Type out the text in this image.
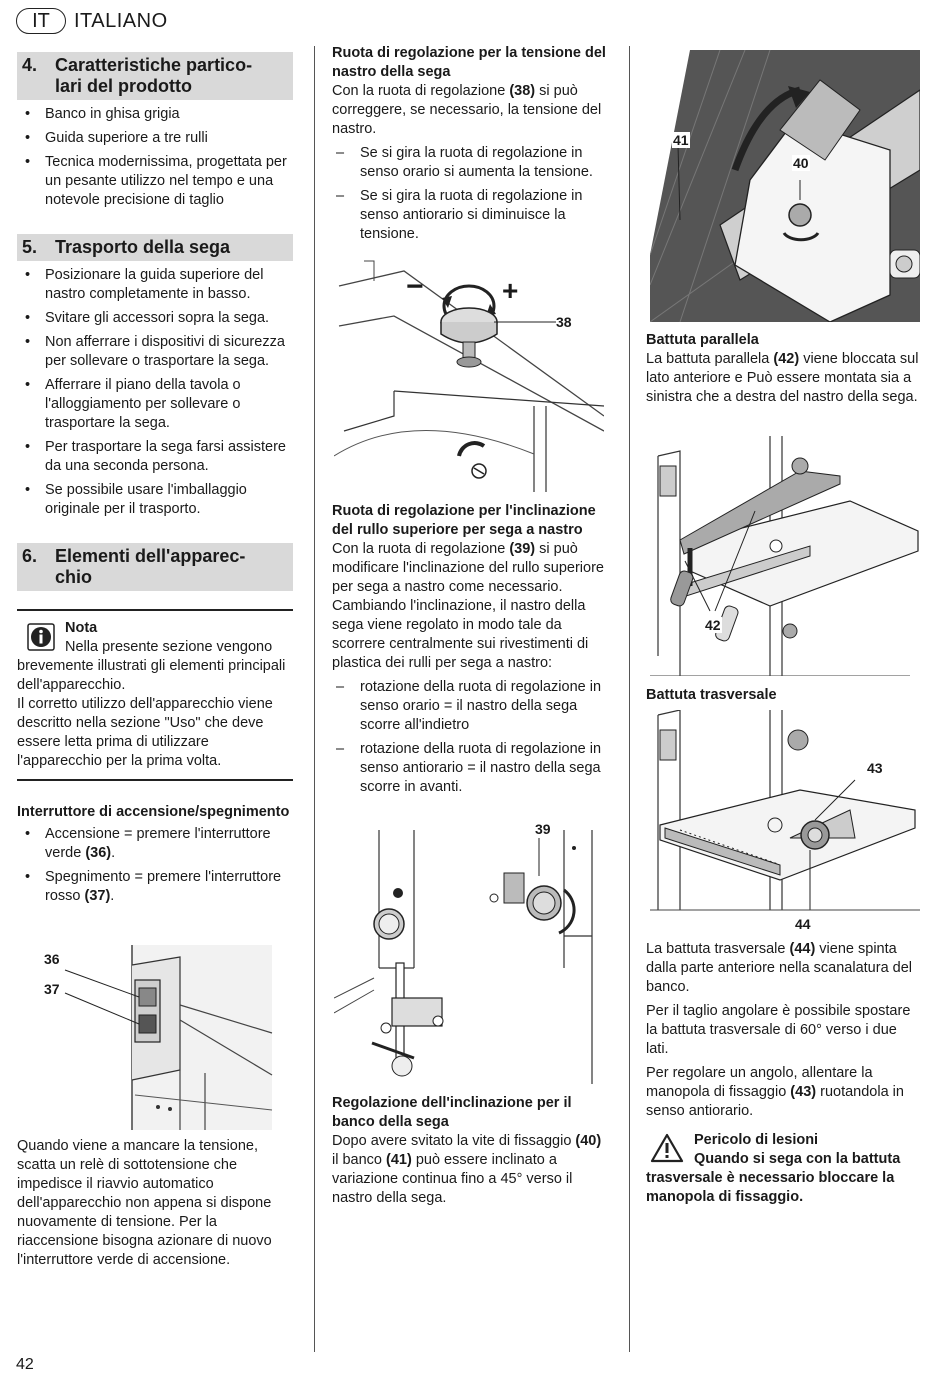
IT	ITALIANO
4. Caratteristiche partico-
lari del prodotto
• Banco in ghisa grigia
• Guida superiore a tre rulli
• Tecnica modernissima, progettata per un pesante utilizzo nel tempo e una notevole precisione di taglio
5. Trasporto della sega
• Posizionare la guida superiore del nastro completamente in basso.
• Svitare gli accessori sopra la sega.
• Non afferrare i dispositivi di sicurezza per sollevare o trasportare la sega.
• Afferrare il piano della tavola o l'alloggiamento per sollevare o trasportare la sega.
• Per trasportare la sega farsi assistere da una seconda persona.
• Se possibile usare l'imballaggio originale per il trasporto.
6. Elementi dell'apparec-
chio
Nota

Nella presente sezione vengono brevemente illustrati gli elementi principali dell'apparecchio.

Il corretto utilizzo dell'apparecchio viene descritto nella sezione "Uso" che deve essere letta prima di utilizzare l'apparecchio per la prima volta.

Interruttore di accensione/spegnimento
• Accensione = premere l'interruttore verde (36).
• Spegnimento = premere l'interruttore rosso (37).
36
37

Quando viene a mancare la tensione, scatta un relè di sottotensione che impedisce il riavvio automatico dell'apparecchio non appena si dispone nuovamente di tensione. Per la riaccensione bisogna azionare di nuovo l'interruttore verde di accensione.

Ruota di regolazione per la tensione del nastro della sega

Con la ruota di regolazione (38) si può correggere, se necessario, la tensione del nastro.

– Se si gira la ruota di regolazione in senso orario si aumenta la tensione.
– Se si gira la ruota di regolazione in senso antiorario si diminuisce la tensione.
−	+
38
Ruota di regolazione per l'inclinazione del rullo superiore per sega a nastro

Con la ruota di regolazione (39) si può modificare l'inclinazione del rullo superiore per sega a nastro come necessario. Cambiando l'inclinazione, il nastro della sega viene regolato in modo tale da scorrere centralmente sui rivestimenti di plastica dei rulli per sega a nastro:

– rotazione della ruota di regolazione in senso orario = il nastro della sega scorre all'indietro
– rotazione della ruota di regolazione in senso antiorario = il nastro della sega scorre in avanti.
39
Regolazione dell'inclinazione per il banco della sega

Dopo avere svitato la vite di fissaggio (40) il banco (41) può essere inclinato a variazione continua fino a 45° verso il nastro della sega.

41
40
Battuta parallela

La battuta parallela (42) viene bloccata sul lato anteriore e Può essere montata sia a sinistra che a destra del nastro della sega.

42
Battuta trasversale
43
44

La battuta trasversale (44) viene spinta dalla parte anteriore nella scanalatura del banco.

Per il taglio angolare è possibile spostare la battuta trasversale di 60° verso i due lati.

Per regolare un angolo, allentare la manopola di fissaggio (43) ruotandola in senso antiorario.

Pericolo di lesioni

Quando si sega con la battuta trasversale è necessario bloccare la manopola di fissaggio.

42
